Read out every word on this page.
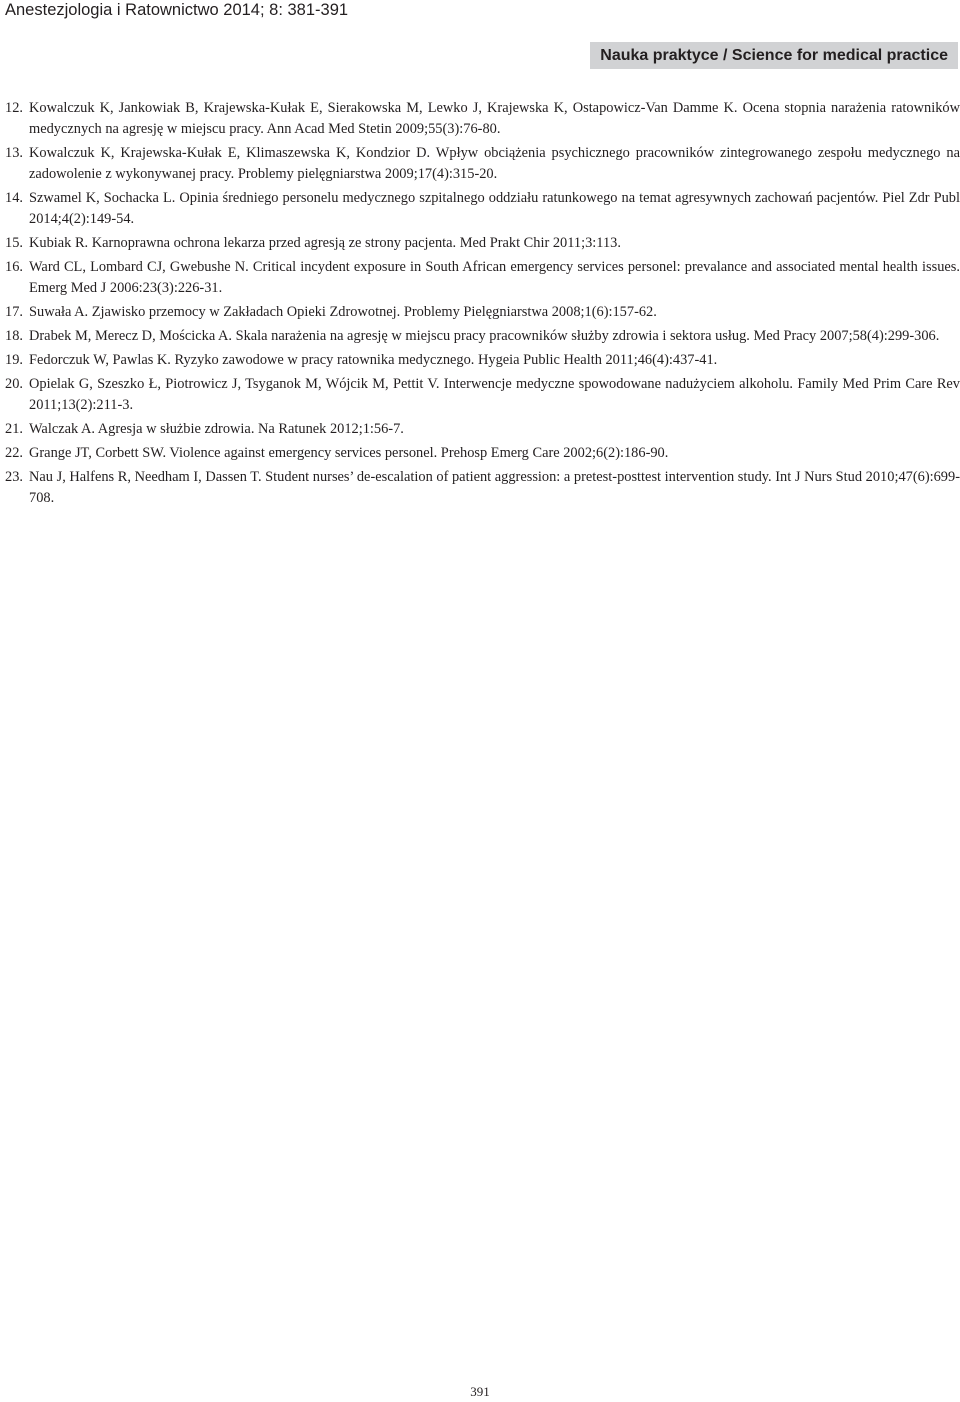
Anestezjologia i Ratownictwo 2014; 8: 381-391
Nauka praktyce / Science for medical practice
12. Kowalczuk K, Jankowiak B, Krajewska-Kułak E, Sierakowska M, Lewko J, Krajewska K, Ostapowicz-Van Damme K. Ocena stopnia narażenia ratowników medycznych na agresję w miejscu pracy. Ann Acad Med Stetin 2009;55(3):76-80.
13. Kowalczuk K, Krajewska-Kułak E, Klimaszewska K, Kondzior D. Wpływ obciążenia psychicznego pracowników zintegrowanego zespołu medycznego na zadowolenie z wykonywanej pracy. Problemy pielęgniarstwa 2009;17(4):315-20.
14. Szwamel K, Sochacka L. Opinia średniego personelu medycznego szpitalnego oddziału ratunkowego na temat agresywnych zachowań pacjentów. Piel Zdr Publ 2014;4(2):149-54.
15. Kubiak R. Karnoprawna ochrona lekarza przed agresją ze strony pacjenta. Med Prakt Chir 2011;3:113.
16. Ward CL, Lombard CJ, Gwebushe N. Critical incydent exposure in South African emergency services personel: prevalance and associated mental health issues. Emerg Med J 2006:23(3):226-31.
17. Suwała A. Zjawisko przemocy w Zakładach Opieki Zdrowotnej. Problemy Pielęgniarstwa 2008;1(6):157-62.
18. Drabek M, Merecz D, Mościcka A. Skala narażenia na agresję w miejscu pracy pracowników służby zdrowia i sektora usług. Med Pracy 2007;58(4):299-306.
19. Fedorczuk W, Pawlas K. Ryzyko zawodowe w pracy ratownika medycznego. Hygeia Public Health 2011;46(4):437-41.
20. Opielak G, Szeszko Ł, Piotrowicz J, Tsyganok M, Wójcik M, Pettit V. Interwencje medyczne spowodowane nadużyciem alkoholu. Family Med Prim Care Rev 2011;13(2):211-3.
21. Walczak A. Agresja w służbie zdrowia. Na Ratunek 2012;1:56-7.
22. Grange JT, Corbett SW. Violence against emergency services personel. Prehosp Emerg Care 2002;6(2):186-90.
23. Nau J, Halfens R, Needham I, Dassen T. Student nurses’ de-escalation of patient aggression: a pretest-posttest intervention study. Int J Nurs Stud 2010;47(6):699-708.
391
